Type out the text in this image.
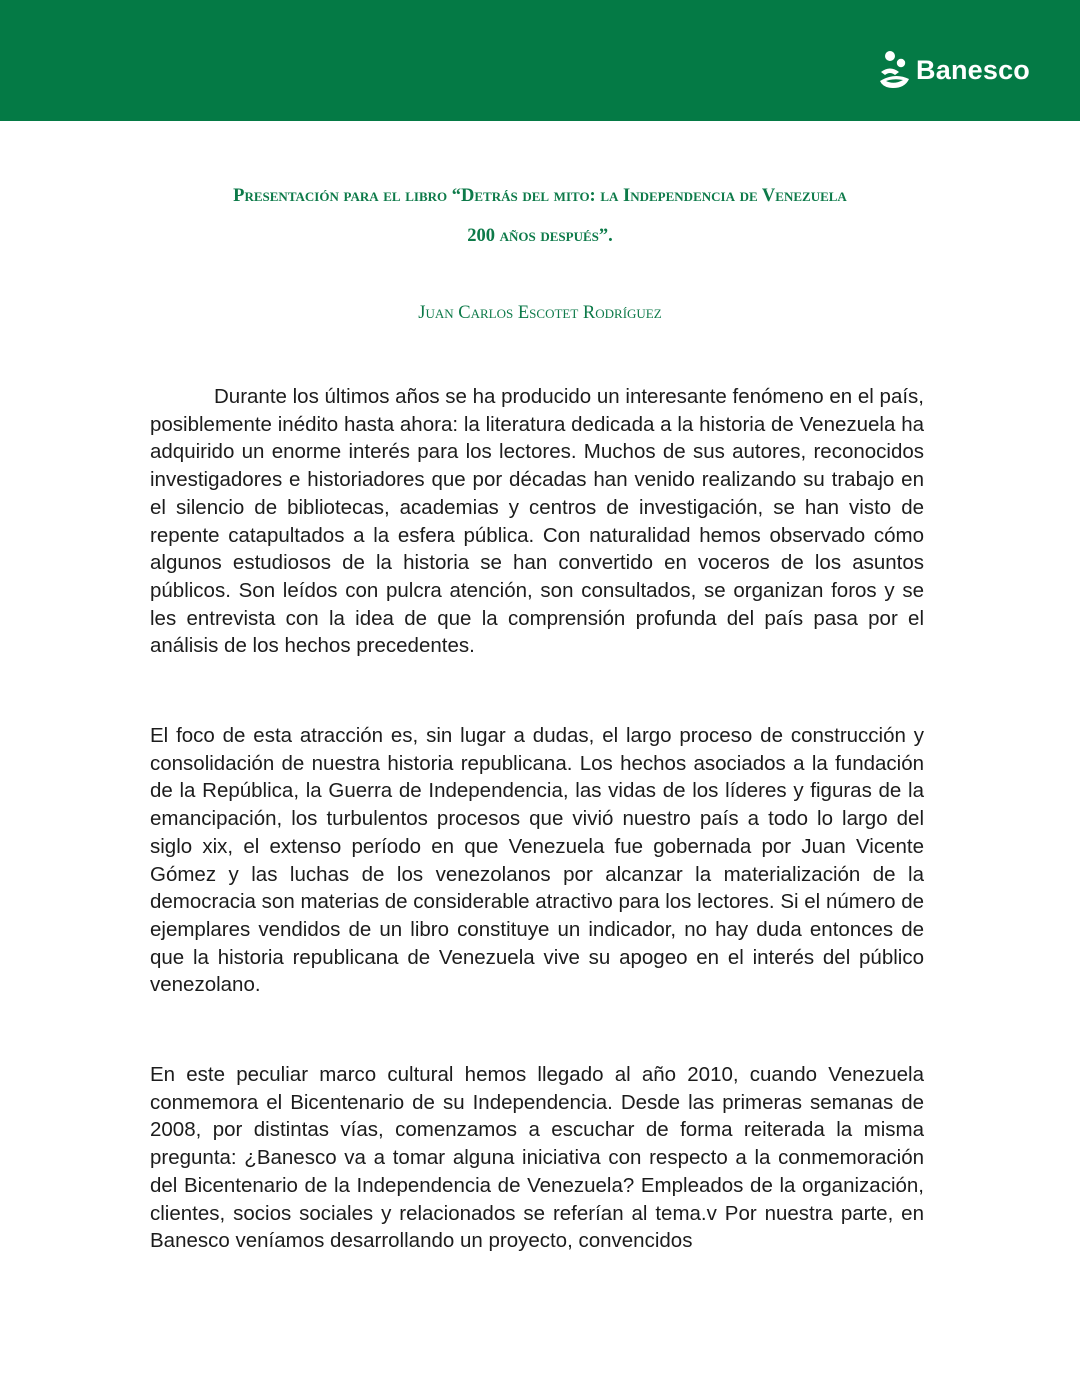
Banesco
Presentación para el libro “Detrás del mito: la Independencia de Venezuela
200 años después”.
Juan Carlos Escotet Rodríguez

Durante los últimos años se ha producido un interesante fenómeno en el país, posiblemente inédito hasta ahora: la literatura dedicada a la historia de Venezuela ha adquirido un enorme interés para los lectores. Muchos de sus autores, reconocidos investigadores e historiadores que por décadas han venido realizando su trabajo en el silencio de bibliotecas, academias y centros de investigación, se han visto de repente catapultados a la esfera pública. Con naturalidad hemos observado cómo algunos estudiosos de la historia se han convertido en voceros de los asuntos públicos. Son leídos con pulcra atención, son consultados, se organizan foros y se les entrevista con la idea de que la comprensión profunda del país pasa por el análisis de los hechos precedentes.

El foco de esta atracción es, sin lugar a dudas, el largo proceso de construcción y consolidación de nuestra historia republicana. Los hechos asociados a la fundación de la República, la Guerra de Independencia, las vidas de los líderes y figuras de la emancipación, los turbulentos procesos que vivió nuestro país a todo lo largo del siglo xix, el extenso período en que Venezuela fue gobernada por Juan Vicente Gómez y las luchas de los venezolanos por alcanzar la materialización de la democracia son materias de considerable atractivo para los lectores. Si el número de ejemplares vendidos de un libro constituye un indicador, no hay duda entonces de que la historia republicana de Venezuela vive su apogeo en el interés del público venezolano.

En este peculiar marco cultural hemos llegado al año 2010, cuando Venezuela conmemora el Bicentenario de su Independencia. Desde las primeras semanas de 2008, por distintas vías, comenzamos a escuchar de forma reiterada la misma pregunta: ¿Banesco va a tomar alguna iniciativa con respecto a la conmemoración del Bicentenario de la Independencia de Venezuela? Empleados de la organización, clientes, socios sociales y relacionados se referían al tema.v Por nuestra parte, en Banesco veníamos desarrollando un proyecto, convencidos
